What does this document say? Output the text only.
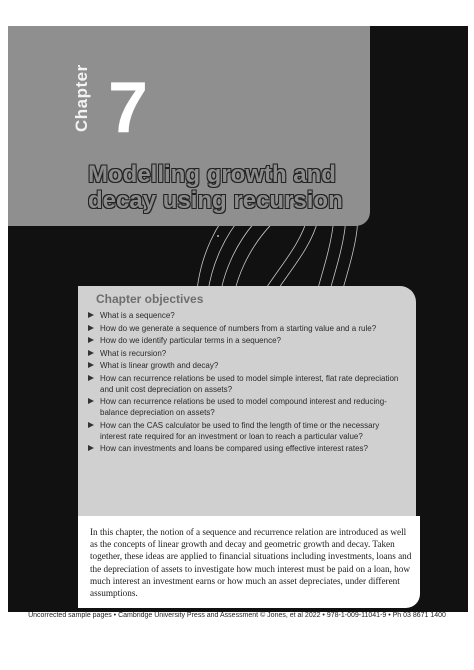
Chapter 7
Modelling growth and
decay using recursion
Chapter objectives
What is a sequence?
How do we generate a sequence of numbers from a starting value and a rule?
How do we identify particular terms in a sequence?
What is recursion?
What is linear growth and decay?
How can recurrence relations be used to model simple interest, flat rate depreciation and unit cost depreciation on assets?
How can recurrence relations be used to model compound interest and reducing-balance depreciation on assets?
How can the CAS calculator be used to find the length of time or the necessary interest rate required for an investment or loan to reach a particular value?
How can investments and loans be compared using effective interest rates?

In this chapter, the notion of a sequence and recurrence relation are introduced as well as the concepts of linear growth and decay and geometric growth and decay. Taken together, these ideas are applied to financial situations including investments, loans and the depreciation of assets to investigate how much interest must be paid on a loan, how much interest an investment earns or how much an asset depreciates, under different assumptions.

Uncorrected sample pages • Cambridge University Press and Assessment © Jones, et al 2022 • 978-1-009-11041-9 • Ph 03 8671 1400
